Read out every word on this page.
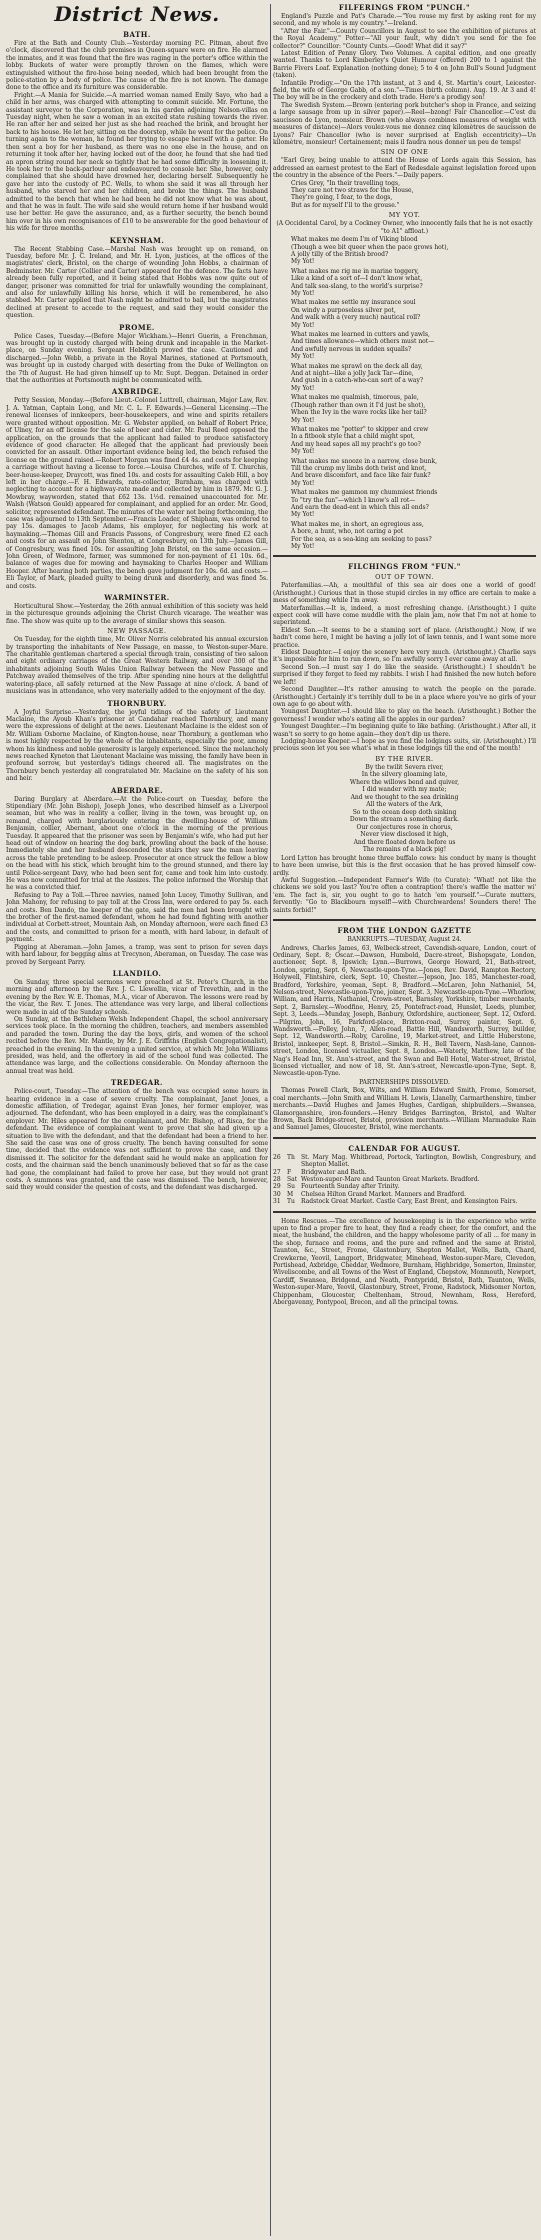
District News.
BATH.
Fire at the Bath and County Club.—Yesterday morning P.C. Pitman, about five o'clock, discovered that the club premises in Queen-square were on fire. He alarmed the inmates, and it was found that the fire was raging in the porter's office within the lobby. Buckets of water were promptly thrown on the flames, which were extinguished without the fire-hose being needed, which had been brought from the police-station by a body of police. The cause of the fire is not known. The damage done to the office and its furniture was considerable.
Fright.—A Mania for Suicide.—A married woman named Emily Sayo, who had a child in her arms, was charged with attempting to commit suicide. Mr. Fortune, the assistant surveyor to the Corporation, was in his garden adjoining Nelson-villas on Tuesday night, when he saw a woman in an excited state rushing towards the river. He ran after her and seized her just as she had reached the brink, and brought her back to his house. He let her, sitting on the doorstep, while he went for the police. On turning again to the woman, he found her trying to escape herself with a garter. He then sent a boy for her husband, as there was no one else in the house, and on returning it took after her, having locked out of the door, he found that she had tied an apron string round her neck so tightly that he had some difficulty in loosening it. He took her to the back-parlour and endeavoured to console her. She, however, only complained that she should have drowned her, declaring herself. Subsequently he gave her into the custody of P.C. Wells, to whom she said it was all through her husband, who starved her and her children, and broke the things. The husband admitted to the bench that when he had been he did not know what he was about, and that he was in fault. The wife said she would return home if her husband would use her better. He gave the assurance, and, as a further security, the bench bound him over in his own recognisances of £10 to be answerable for the good behaviour of his wife for three months.
KEYNSHAM.
The Recent Stabbing Case.—Marshal Nash was brought up on remand, on Tuesday, before Mr. J. C. Ireland, and Mr. H. Lyon, justices, at the offices of the magistrates' clerk, Bristol, on the charge of wounding John Hobbs, a chairman of Bedminster. Mr. Carter (Collier and Carter) appeared for the defence. The facts have already been fully reported, and it being stated that Hobbs was now quite out of danger, prisoner was committed for trial for unlawfully wounding the complainant, and also for unlawfully killing his horse, which it will be remembered, he also stabbed. Mr. Carter applied that Nash might be admitted to bail, but the magistrates declined at present to accede to the request, and said they would consider the question.
PROME.
Police Cases, Tuesday.—(Before Major Wickham.)—Henri Guerin, a Frenchman, was brought up in custody charged with being drunk and incapable in the Market-place, on Sunday evening. Sergeant Hebditch proved the case. Cautioned and discharged.—John Webb, a private in the Royal Marines, stationed at Portsmouth, was brought up in custody charged with deserting from the Duke of Wellington on the 7th of August. He had given himself up to Mr. Supt. Deggan. Detained in order that the authorities at Portsmouth might be communicated with.
AXBRIDGE.
Petty Session, Monday.—(Before Lieut.-Colonel Luttrell, chairman, Major Law, Rev. J. A. Yatman, Captain Long, and Mr. C. L. F. Edwards.)—General Licensing.—The renewal licenses of innkeepers, beer-housekeepers, and wine and spirits retailers were granted without opposition. Mr. G. Webster applied, on behalf of Robert Price, of Ulney, for an off license for the sale of beer and cider. Mr. Paul Reed opposed the application, on the grounds that the applicant had failed to produce satisfactory evidence of good character. He alleged that the applicant had previously been convicted for an assault. Other important evidence being led, the bench refused the license on the ground raised.—Robert Morgan was fined £4 4s. and costs for keeping a carriage without having a license to force.—Louisa Churches, wife of T. Churchis, beer-house-keeper, Draycott, was fined 10s. and costs for assaulting Caleb Hill, a boy left in her charge.—F. H. Edwards, rate-collector, Burnham, was charged with neglecting to account for a highway-rate made and collected by him in 1879. Mr. G. J. Mowbray, wayworden, stated that £62 13s. 1½d. remained unaccounted for. Mr. Walsh (Watson Gould) appeared for complainant, and applied for an order. Mr. Good, solicitor, represented defendant. The minutes of the water not being forthcoming, the case was adjourned to 13th September.—Francis Loader, of Shipham, was ordered to pay 15s. damages to Jacob Adams, his employer, for neglecting his work at haymaking.—Thomas Gill and Francis Passons, of Congresbury, were fined £2 each and costs for an assault on John Shenton, at Congresbury, on 13th July.—James Gill, of Congresbury, was fined 10s. for assaulting John Bristol, on the same occasion.—John Green, of Wedmore, farmer, was summoned for non-payment of £1 10s. 6d., balance of wages due for mowing and haymaking to Charles Hooper and William Hooper. After hearing both parties, the bench gave judgment for 10s. 6d. and costs.—Eli Taylor, of Mark, pleaded guilty to being drunk and disorderly, and was fined 5s. and costs.
WARMINSTER.
Horticultural Show.—Yesterday, the 26th annual exhibition of this society was held in the picturesque grounds adjoining the Christ Church vicarage. The weather was fine. The show was quite up to the average of similar shows this season.
NEW PASSAGE.
On Tuesday, for the eighth time, Mr. Oliver Norris celebrated his annual excursion by transporting the inhabitants of New Passage, en masse, to Weston-super-Mare. The charitable gentleman chartered a special through train, consisting of two saloon and eight ordinary carriages of the Great Western Railway, and over 300 of the inhabitants adjoining South Wales Union Railway between the New Passage and Patchway availed themselves of the trip. After spending nine hours at the delightful watering-place, all safely returned at the New Passage at nine o'clock. A band of musicians was in attendance, who very materially added to the enjoyment of the day.
THORNBURY.
A Joyful Surprise.—Yesterday, the joyful tidings of the safety of Lieutenant Maclaine, the Ayoub Khan's prisoner at Candahar reached Thornbury, and many were the expressions of delight at the news. Lieutenant Maclaine is the eldest son of Mr. William Osborne Maclaine, of Kington-house, near Thornbury, a gentleman who is most highly respected by the whole of the inhabitants, especially the poor, among whom his kindness and noble generosity is largely experienced. Since the melancholy news reached Kyneton that Lieutenant Maclaine was missing, the family have been in profound sorrow, but yesterday's tidings cheered all. The magistrates on the Thornbury bench yesterday all congratulated Mr. Maclaine on the safety of his son and heir.
ABERDARE.
Daring Burglary at Aberdare.—At the Police-court on Tuesday, before the Stipendiary (Mr. John Bishop), Joseph Jones, who described himself as a Liverpool seaman, but who was in reality a collier, living in the town, was brought up, on remand, charged with burglariously entering the dwelling-house of William Benjamin, collier, Abernant, about one o'clock in the morning of the previous Tuesday. It appeared that the prisoner was seen by Benjamin's wife, who had put her head out of window on hearing the dog bark, prowling about the back of the house. Immediately she and her husband descended the stairs they saw the man leaving across the table pretending to be asleep. Prosecutor at once struck the fellow a blow on the head with his stick, which brought him to the ground stunned, and there lay until Police-sergeant Davy, who had been sent for, came and took him into custody. He was now committed for trial at the Assizes. The police informed the Worship that he was a convicted thief.
Refusing to Pay a Toll.—Three navvies, named John Lucey, Timothy Sullivan, and John Mahony, for refusing to pay toll at the Cross Inn, were ordered to pay 5s. each and costs. Ben Dando, the keeper of the gate, said the men had been brought with the brother of the first-named defendant, whom he had found fighting with another individual at Corbett-street, Mountain Ash, on Monday afternoon, were each fined £3 and the costs, and committed to prison for a month, with hard labour, in default of payment.
Pigging at Aberaman.—John James, a tramp, was sent to prison for seven days with hard labour, for begging alms at Trecynon, Aberaman, on Tuesday. The case was proved by Sergeant Parry.
LLANDILO.
On Sunday, three special sermons were preached at St. Peter's Church, in the morning and afternoon by the Rev. J. C. Llewellin, vicar of Trevethin, and in the evening by the Rev. W. E. Thomas, M.A., vicar of Aberavon. The lessons were read by the vicar, the Rev. T. Jones. The attendance was very large, and liberal collections were made in aid of the Sunday schools.
On Sunday, at the Bethlehem Welsh Independent Chapel, the school anniversary services took place. In the morning the children, teachers, and members assembled and paraded the town. During the day the boys, girls, and women of the school recited before the Rev. Mr. Mantle, by Mr. J. E. Griffiths (English Congregationalist), preached in the evening. In the evening a united service, at which Mr. John Williams presided, was held, and the offertory in aid of the school fund was collected. The attendance was large, and the collections considerable. On Monday afternoon the annual treat was held.
TREDEGAR.
Police-court, Tuesday.—The attention of the bench was occupied some hours in hearing evidence in a case of severe cruelty. The complainant, Janet Jones, a domestic affiliation, of Tredegar, against Evan Jones, her former employer, was adjourned. The defendant, who has been employed in a dairy, was the complainant's employer. Mr. Hiles appeared for the complainant, and Mr. Bishop, of Risca, for the defendant. The evidence of complainant went to prove that she had given up a situation to live with the defendant, and that the defendant had been a friend to her. She said the case was one of gross cruelty. The bench having consulted for some time, decided that the evidence was not sufficient to prove the case, and they dismissed it. The solicitor for the defendant said he would make an application for costs, and the chairman said the bench unanimously believed that so far as the case had gone, the complainant had failed to prove her case, but they would not grant costs. A summons was granted, and the case was dismissed. The bench, however, said they would consider the question of costs, and the defendant was discharged.
FILFERINGS FROM "PUNCH."
England's Puzzle and Pat's Charade.—"You rouse my first by asking rent for my second, and my whole is my country."—Ireland.
"After the Fair."—County Councillors in August to see the exhibition of pictures at the Royal Academy." Potter—"All your fault, why didn't you send for the fee collector?" Councillor: "County Cunts.—Good! What did it say?"
Latest Edition of Penny Glory. Two Volumes. A capital edition, and one greatly wanted. Thanks to Lord Kimberley's Quiet Humour (offered) 200 to 1 against the Barrie Fivers Loaf. Explanation (nothing done); 5 to 4 on John Bull's Sound Judgment (taken).
Infantile Prodigy.—"On the 17th instant, at 3 and 4, St. Martin's court, Leicester-field, the wife of George Gabb, of a son."—Times (birth column). Aug. 19. At 3 and 4! The boy will be in the crockery and cloth trade. Here's a prodigy son!
The Swedish System.—Brown (entering pork butcher's shop in France, and seizing a large sausage from up in silver paper).—Reel—bzong! Fair Chancellor.—C'est du saucisson de Lyon, monsieur. Brown (who always combines measures of weight with measures of distance)—Alors voulez-vous me donnez cinq kilomètres de saucisson de Lyons? Fair Chancellor (who is never surprised at English eccentricity)—Un kilomètre, monsieur! Certainement; mais il faudra nous donner un peu de temps!
SIN OF ONE
"Earl Grey, being unable to attend the House of Lords again this Session, has addressed an earnest protest to the Earl of Redesdale against legislation forced upon the country in the absence of the Peers."—Daily papers.
Cries Grey, "In their travelling togs,
They care not two straws for the House,
They're going, I fear, to the dogs,
But as for myself I'll to the grouse."
MY YOT.
(A Occidental Carol, by a Cockney Owner, who innocently fails that he is not exactly "to A1" affloat.)
What makes me deem I'm of Viking blood
(Though a wee bit queer when the pace grows hot),
A jolly tilly of the British brood?
My Yot!
What makes me rig me in marine toggery,
Like a kind of a sort of—I don't know what,
And talk sea-slang, to the world's surprise?
My Yot!
What makes me settle my insurance soul
On windy a purposeless silver pot,
And walk with a (very much) nautical roll?
My Yot!
What makes me learned in cutters and yawls,
And times allowance—which others must not—
And awfully nervous in sudden squalls?
My Yot!
What makes me sprawl on the deck all day,
And at night—like a jolly Jack Tar—dine,
And gush in a catch-who-can sort of a way?
My Yot!
What makes me qualmish, timorous, pale,
(Though rather than own it I'd just be shot),
When the Ivy in the wave rocks like her tail?
My Yot!
What makes me "potter" to skipper and crew
In a fitbook style that a child might spot,
And my head sapes all my pracht's go too?
My Yot!
What makes me snooze in a narrow, close bunk,
Till the crump my limbs doth twist and knot,
And brave discomfort, and face like fair funk?
My Yot!
What makes me gammon my chummiest friends
To "try the fun"—which I know's all rot—
And earn the dead-ent in which this all ends?
My Yot!
What makes me, in short, an egregious ass,
A bore, a hunt, who, not caring a pot
For the sea, as a sea-king am seeking to pass?
My Yot!
FILCHINGS FROM "FUN."
OUT OF TOWN.
Paterfamilias.—Ah, a moulthful of this sea air does one a world of good! (Aristhought.) Curious that in those stupid circles in my office are certain to make a mess of something while I'm away.
Materfamilias.—It is, indeed, a most refreshing change. (Aristhought.) I quite expect cook will have come muddle with the plain jam, now that I'm not at home to superintend.
Eldest Son.—It seems to be a staming sort of place. (Aristhought.) Now, if we hadn't come here, I might be having a jolly lot of lawn tennis, and I want some more practice.
Eldest Daughter.—I enjoy the scenery here very much. (Aristhought.) Charlie says it's impossible for him to run down, so I'm awfully sorry I ever came away at all.
Second Son.—I must say I do like the seaside. (Aristhought.) I shouldn't be surprised if they forget to feed my rabbits. I wish I had finished the new hutch before we left!
Second Daughter.—It's rather amusing to watch the people on the parade. (Aristhought.) Certainly it's terribly dull to be in a place where you've no girls of your own age to go about with.
Youngest Daughter.—I should like to play on the beach. (Aristhought.) Bother the governess! I wonder who's eating all the apples in our garden?
Youngest Daughter.—I'm beginning quite to like bathing. (Aristhought.) After all, it wasn't so sorry to go home again—they don't dip us there.
Lodging-house Keeper.—I hope as you find the lodgings suits, sir. (Aristhought.) I'll precious soon let you see what's what in these lodgings till the end of the month!
BY THE RIVER.
By the twilit Severn river,
In the silvery gloaming late,
Where the willows bend and quiver,
I did wander with my mate;
And we thought to the sea drinking
All the waters of the Ark,
So to the ocean deep doth sinking
Down the stream a something dark.
Our conjectures rose in chorus,
Never view disclosed it high,
And there floated down before us
The remains of a black pig!
Lord Lytton has brought home three buffalo cows: his conduct by many is thought to have been unwise, but this is the first occasion that he has proved himself cow-ardly.
Awful Suggestion.—Independent Farmer's Wife (to Curate): "What! not like the chickens we sold you last? You're often a contraption! there's waffle the matter wi' 'em. The fact is, sir, you ought to go to hatch 'em yourself."—Curate mutters, fervently: "Go to Blackbourn myself!—with Churchwardens! Sounders there! The saints forbid!"
FROM THE LONDON GAZETTE
BANKRUPTS.—TUESDAY, August 24.
Andrews, Charles James, 63, Welbeck-street, Cavendish-square, London, court of Ordinary, Sept. 8; Oscar.—Dawson, Humbold, Dacre-street, Bishopsgate, London, auctioneer, Sept. 8, Ipswich; Lynn.—Burrows, George Howard, 21, Bath-street, London, spring, Sept. 6, Newcastle-upon-Tyne.—Jones, Rev. David, Rampton Rectory, Holywell, Flintshire, clerk, Sept. 10, Chester.—Jepson, Jno. 185, Manchester-road, Bradford, Yorkshire, yeoman, Sept. 8, Bradford.—McLaren, John Nathaniel, 54, Nelson-street, Newcastle-upon-Tyne, joiner, Sept. 3, Newcastle-upon-Tyne.—Whorlow, William, and Harris, Nathaniel, Crown-street, Barnsley, Yorkshire, timber merchants, Sept. 2, Barnsley.—Woodfine, Henry, 25, Pontefract-road, Hunslet, Leeds, plumber, Sept. 3, Leeds.—Munday, Joseph, Banbury, Oxfordshire, auctioneer, Sept. 12, Oxford.—Pilgrim, John, 16, Parkford-place, Brixton-road, Surrey, painter, Sept. 6, Wandsworth.—Polley, John, 7, Allen-road, Battle Hill, Wandsworth, Surrey, builder, Sept. 12, Wandsworth.—Roby, Caroline, 19, Market-street, and Little Huberstone, Bristol, innkeeper, Sept. 8, Bristol.—Simkin, R. H., Bell Tavern, Nash-lane, Cannon-street, London, licensed victualler, Sept. 8, London.—Waterly, Matthew, late of the Nag's Head Inn, St. Ann's-street, and the Swan and Bell Hotel, Water-street, Bristol, licensed victualler, and now of 18, St. Ann's-street, Newcastle-upon-Tyne, Sept. 8, Newcastle-upon-Tyne.
PARTNERSHIPS DISSOLVED.
Thomas Powell Clark, Box, Wilts, and William Edward Smith, Frome, Somerset, coal merchants.—John Smith and William H. Lewis, Llanelly, Carmarthenshire, timber merchants.—David Hughes and James Hughes, Cardigan, shipbuilders.—Swansea, Glamorganshire, iron-founders.—Henry Bridges Barrington, Bristol, and Walter Brown, Back Bridge-street, Bristol, provision merchants.—William Marmaduke Rain and Samuel James, Gloucester, Bristol, wine merchants.
CALENDAR FOR AUGUST.
26	Th	St. Mary Mag. Whitbread, Portock, Yarlington, Bowlish, Congresbury, and Shepton Mallet.
27	F	Bridgwater and Bath.
28	Sat Weston-super-Mare and Taunton Great Markets. Bradford.
29	Su	Fourteenth Sunday after Trinity.
30	M	Chelsea Hilton Grand Market. Manners and Bradford.
31	Tu	Radstock Great Market. Castle Cary, East Brent, and Kensington Fairs.
Home Rescues.—The excellence of housekeeping is in the experience who write upon to find a proper fire to heat, they find a ready cheer, for the comfort, and the meat, the husband, the children, and the happy wholesome parity of all ... for many in the shop, furnace and rooms, and the pure and refined and the same at Bristol, Taunton, &c., Street, Frome, Glastonbury, Shepton Mallet, Wells, Bath, Chard, Crewkerne, Yeovil, Langport, Bridgwater, Minehead, Weston-super-Mare, Clevedon, Portishead, Axbridge, Cheddar, Wedmore, Burnham, Highbridge, Somerton, Ilminster, Wiveliscombe, and all Towns of the West of England, Chepstow, Monmouth, Newport, Cardiff, Swansea, Bridgend, and Neath, Pontypridd, Bristol, Bath, Taunton, Wells, Weston-super-Mare, Yeovil, Glastonbury, Street, Frome, Radstock, Midsomer Norton, Chippenham, Gloucester, Cheltenham, Stroud, Newnham, Ross, Hereford, Abergavenny, Pontypool, Brecon, and all the principal towns.
